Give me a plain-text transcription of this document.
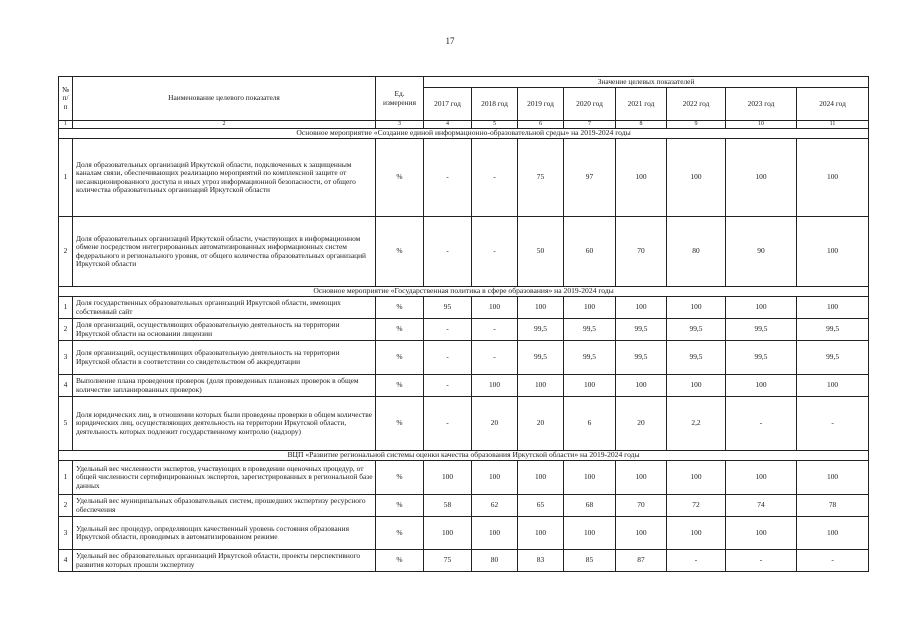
17
№ п/п	Наименование целевого показателя	Ед. измерения	Значение целевых показателей							
			2017 год	2018 год	2019 год	2020 год	2021 год	2022 год	2023 год	2024 год
1	2	3	4	5	6	7	8	9	10	11
Основное мероприятие «Создание единой информационно-образовательной среды» на 2019-2024 годы										
1	Доля образовательных организаций Иркутской области, подключенных к защищенным каналам связи, обеспечивающих реализацию мероприятий по комплексной защите от несанкционированного доступа и иных угроз информационной безопасности, от общего количества образовательных организаций Иркутской области	%	-	-	75	97	100	100	100	100
2	Доля образовательных организаций Иркутской области, участвующих в информационном обмене посредством интегрированных автоматизированных информационных систем федерального и регионального уровня, от общего количества образовательных организаций Иркутской области	%	-	-	50	60	70	80	90	100
Основное мероприятие «Государственная политика в сфере образования» на 2019-2024 годы										
1	Доля государственных образовательных организаций Иркутской области, имеющих собственный сайт	%	95	100	100	100	100	100	100	100
2	Доля организаций, осуществляющих образовательную деятельность на территории Иркутской области на основании лицензии	%	-	-	99,5	99,5	99,5	99,5	99,5	99,5
3	Доля организаций, осуществляющих образовательную деятельность на территории Иркутской области в соответствии со свидетельством об аккредитации	%	-	-	99,5	99,5	99,5	99,5	99,5	99,5
4	Выполнение плана проведения проверок (доля проведенных плановых проверок в общем количестве запланированных проверок)	%	-	100	100	100	100	100	100	100
5	Доля юридических лиц, в отношении которых были проведены проверки в общем количестве юридических лиц, осуществляющих деятельность на территории Иркутской области, деятельность которых подлежит государственному контролю (надзору)	%	-	20	20	6	20	2,2	-	-
ВЦП «Развитие региональной системы оценки качества образования Иркутской области» на 2019-2024 годы										
1	Удельный вес численности экспертов, участвующих в проведении оценочных процедур, от общей численности сертифицированных экспертов, зарегистрированных в региональной базе данных	%	100	100	100	100	100	100	100	100
2	Удельный вес муниципальных образовательных систем, прошедших экспертизу ресурсного обеспечения	%	58	62	65	68	70	72	74	78
3	Удельный вес процедур, определяющих качественный уровень состояния образования Иркутской области, проводимых в автоматизированном режиме	%	100	100	100	100	100	100	100	100
4	Удельный вес образовательных организаций Иркутской области, проекты перспективного развития которых прошли экспертизу	%	75	80	83	85	87	-	-	-
